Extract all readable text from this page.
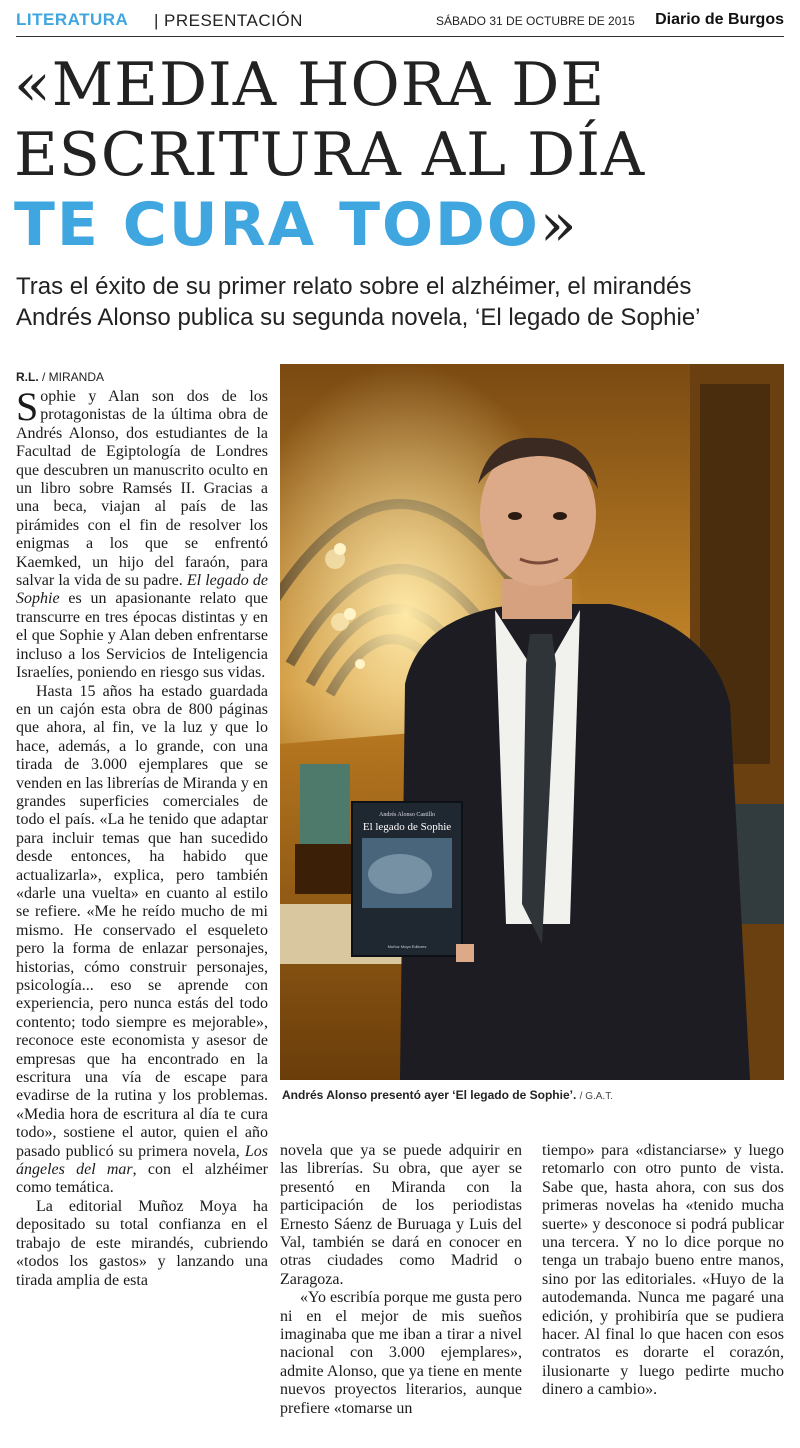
LITERATURA | PRESENTACIÓN	SÁBADO 31 DE OCTUBRE DE 2015 Diario de Burgos
«MEDIA HORA DE
ESCRITURA AL DÍA
TE CURA TODO»
Tras el éxito de su primer relato sobre el alzhéimer, el mirandés
Andrés Alonso publica su segunda novela, ‘El legado de Sophie’
R.L. / MIRANDA

Sophie y Alan son dos de los protagonistas de la última obra de Andrés Alonso, dos estudiantes de la Facultad de Egiptología de Londres que descubren un manuscrito oculto en un libro sobre Ramsés II. Gracias a una beca, viajan al país de las pirámides con el fin de resolver los enigmas a los que se enfrentó Kaemked, un hijo del faraón, para salvar la vida de su padre. El legado de Sophie es un apasionante relato que transcurre en tres épocas distintas y en el que Sophie y Alan deben enfrentarse incluso a los Servicios de Inteligencia Israelíes, poniendo en riesgo sus vidas.

Hasta 15 años ha estado guardada en un cajón esta obra de 800 páginas que ahora, al fin, ve la luz y que lo hace, además, a lo grande, con una tirada de 3.000 ejemplares que se venden en las librerías de Miranda y en grandes superficies comerciales de todo el país. «La he tenido que adaptar para incluir temas que han sucedido desde entonces, ha habido que actualizarla», explica, pero también «darle una vuelta» en cuanto al estilo se refiere. «Me he reído mucho de mi mismo. He conservado el esqueleto pero la forma de enlazar personajes, historias, cómo construir personajes, psicología... eso se aprende con experiencia, pero nunca estás del todo contento; todo siempre es mejorable», reconoce este economista y asesor de empresas que ha encontrado en la escritura una vía de escape para evadirse de la rutina y los problemas. «Media hora de escritura al día te cura todo», sostiene el autor, quien el año pasado publicó su primera novela, Los ángeles del mar, con el alzhéimer como temática.

La editorial Muñoz Moya ha depositado su total confianza en el trabajo de este mirandés, cubriendo «todos los gastos» y lanzando una tirada amplia de esta

Andrés Alonso Castillo
El legado de Sophie
Muñoz Moya Editores
Andrés Alonso presentó ayer ‘El legado de Sophie’. / G.A.T.

novela que ya se puede adquirir en las librerías. Su obra, que ayer se presentó en Miranda con la participación de los periodistas Ernesto Sáenz de Buruaga y Luis del Val, también se dará en conocer en otras ciudades como Madrid o Zaragoza.

«Yo escribía porque me gusta pero ni en el mejor de mis sueños imaginaba que me iban a tirar a nivel nacional con 3.000 ejemplares», admite Alonso, que ya tiene en mente nuevos proyectos literarios, aunque prefiere «tomarse un

tiempo» para «distanciarse» y luego retomarlo con otro punto de vista. Sabe que, hasta ahora, con sus dos primeras novelas ha «tenido mucha suerte» y desconoce si podrá publicar una tercera. Y no lo dice porque no tenga un trabajo bueno entre manos, sino por las editoriales. «Huyo de la autodemanda. Nunca me pagaré una edición, y prohibiría que se pudiera hacer. Al final lo que hacen con esos contratos es dorarte el corazón, ilusionarte y luego pedirte mucho dinero a cambio».
